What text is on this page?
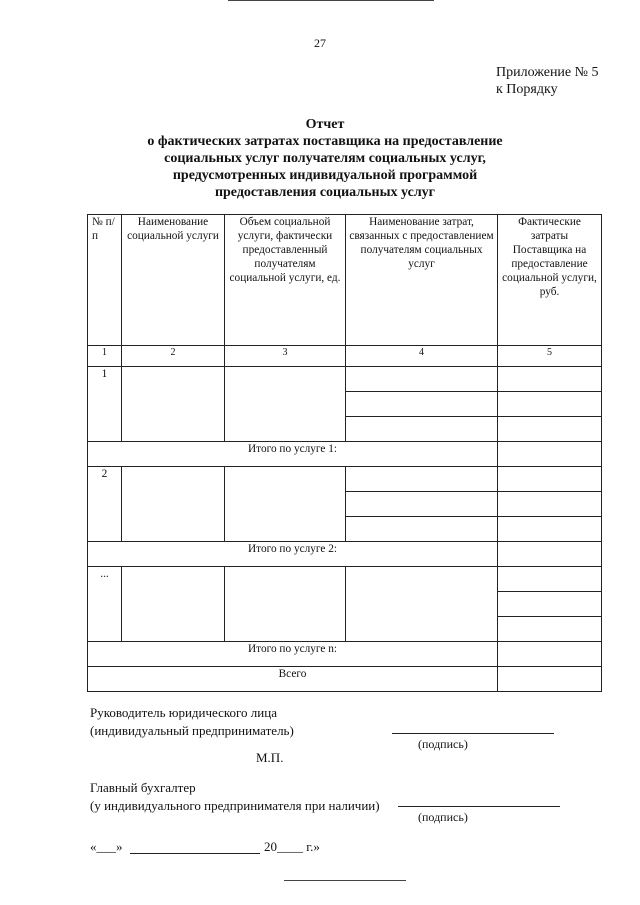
27
Приложение № 5
к Порядку
Отчет
о фактических затратах поставщика на предоставление
социальных услуг получателям социальных услуг,
предусмотренных индивидуальной программой
предоставления социальных услуг
№ п/п	Наименование социальной услуги	Объем социальной услуги, фактически предоставленный получателям социальной услуги, ед.	Наименование затрат, связанных с предоставлением получателям социальных услуг	Фактические затраты Поставщика на предоставление социальной услуги, руб.
1	2	3	4	5
1				

Итого по услуге 1:				
2				

Итого по услуге 2:				
...				

Итого по услуге n:				
Всего				
Руководитель юридического лица
(индивидуальный предприниматель)
(подпись)
М.П.
Главный бухгалтер
(у индивидуального предпринимателя при наличии)
(подпись)
«___»	20____ г.»
